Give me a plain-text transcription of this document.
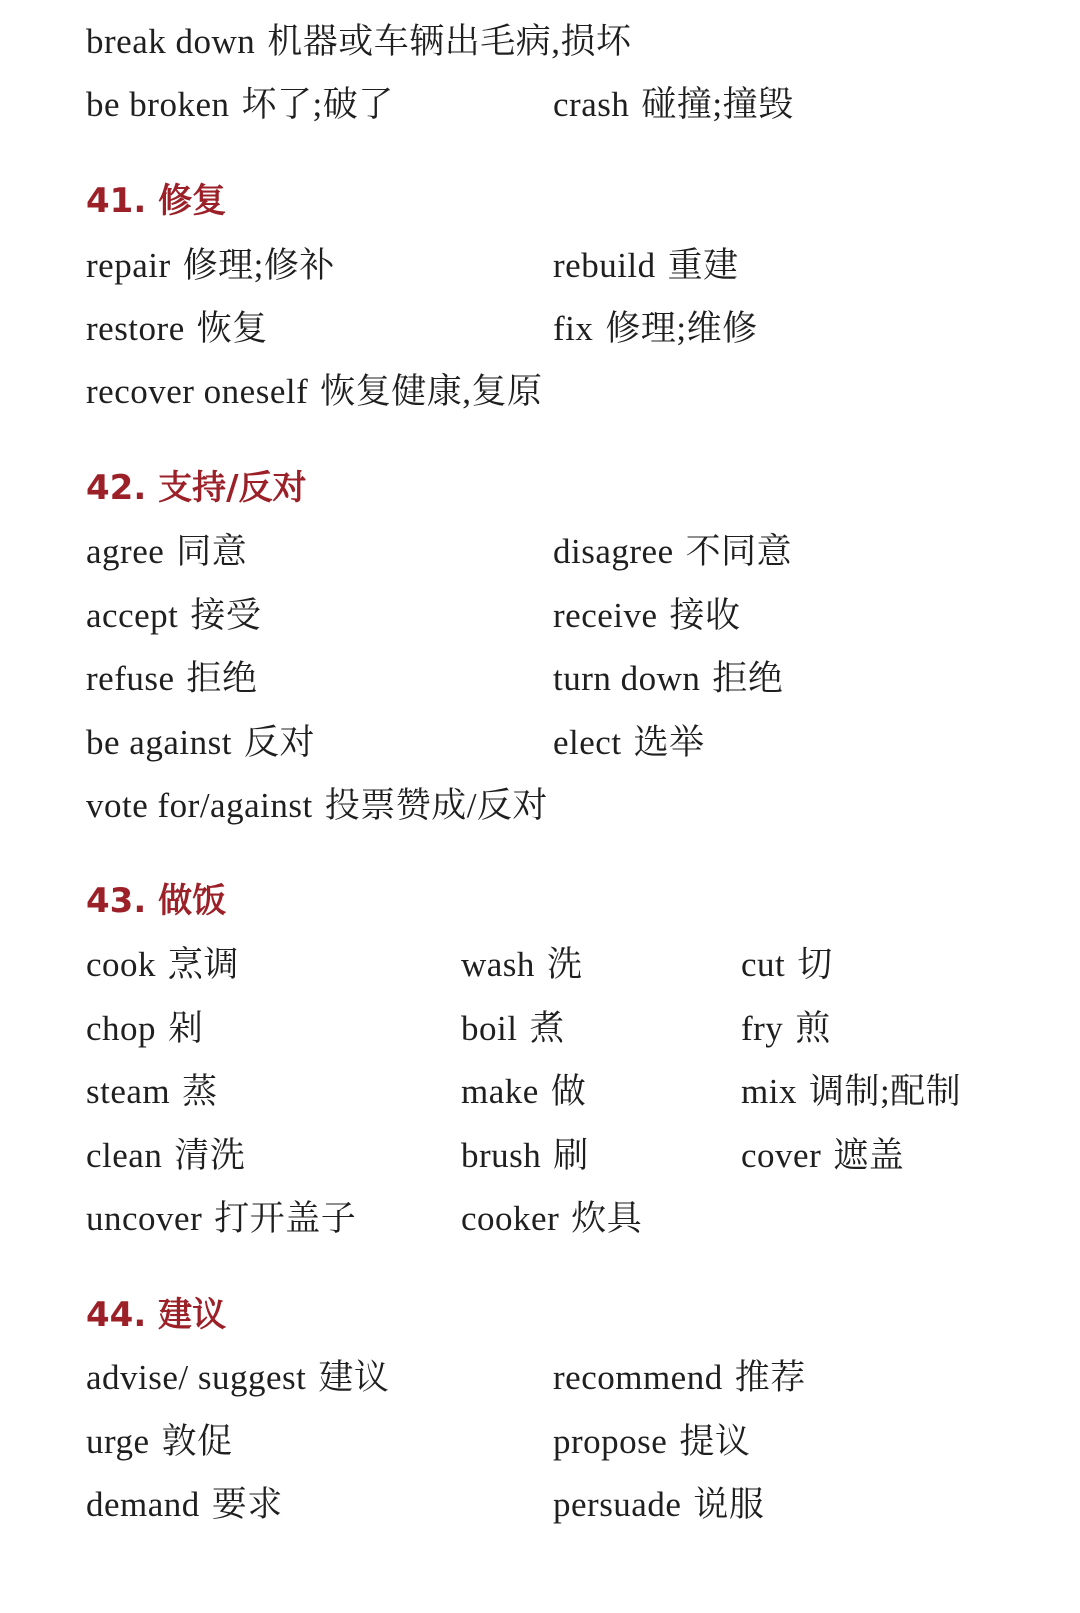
break down 机器或车辆出毛病,损坏
be broken 坏了;破了	crash 碰撞;撞毁
41. 修复
repair 修理;修补	rebuild 重建
restore 恢复	fix 修理;维修
recover oneself 恢复健康,复原
42. 支持/反对
agree 同意	disagree 不同意
accept 接受	receive 接收
refuse 拒绝	turn down 拒绝
be against 反对	elect 选举
vote for/against 投票赞成/反对
43. 做饭
cook 烹调	wash 洗	cut 切
chop 剁	boil 煮	fry 煎
steam 蒸	make 做	mix 调制;配制
clean 清洗	brush 刷	cover 遮盖
uncover 打开盖子	cooker 炊具
44. 建议
advise/ suggest 建议	recommend 推荐
urge 敦促	propose 提议
demand 要求	persuade 说服
